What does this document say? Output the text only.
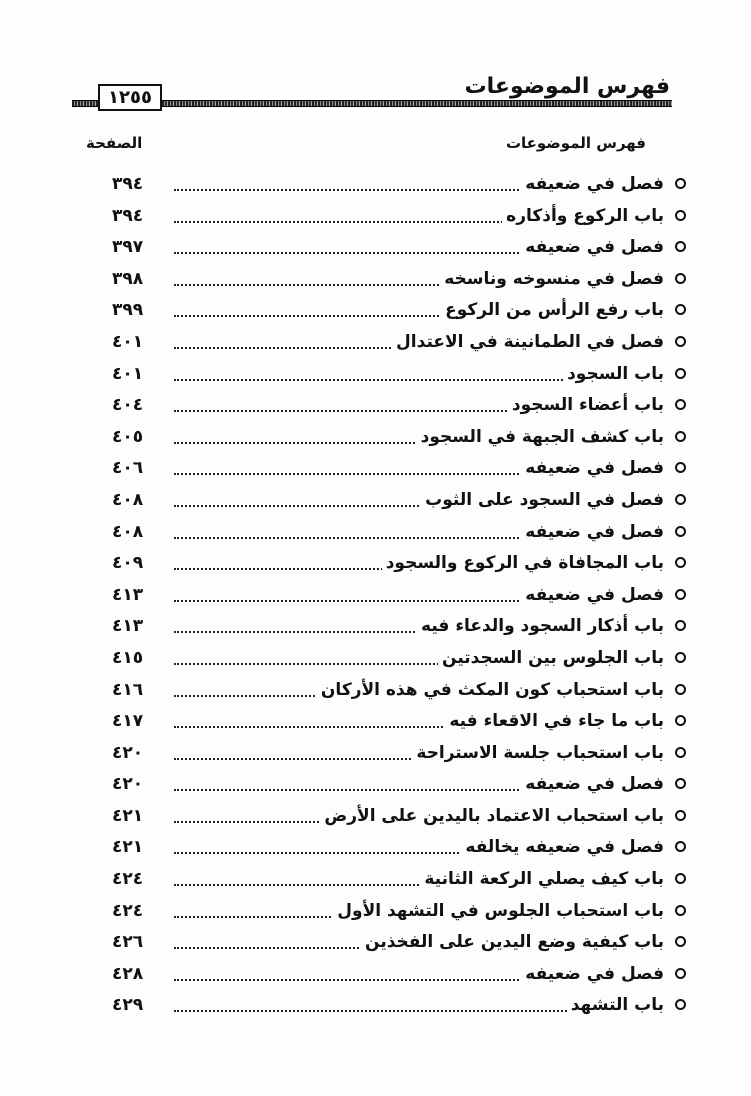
فهرس الموضوعات
١٢٥٥
فهرس الموضوعات
الصفحة
فصل في ضعيفه
٣٩٤
باب الركوع وأذكاره
٣٩٤
فصل في ضعيفه
٣٩٧
فصل في منسوخه وناسخه
٣٩٨
باب رفع الرأس من الركوع
٣٩٩
فصل في الطمانينة في الاعتدال
٤٠١
باب السجود
٤٠١
باب أعضاء السجود
٤٠٤
باب كشف الجبهة في السجود
٤٠٥
فصل في ضعيفه
٤٠٦
فصل في السجود على الثوب
٤٠٨
فصل في ضعيفه
٤٠٨
باب المجافاة في الركوع والسجود
٤٠٩
فصل في ضعيفه
٤١٣
باب أذكار السجود والدعاء فيه
٤١٣
باب الجلوس بين السجدتين
٤١٥
باب استحباب كون المكث في هذه الأركان
٤١٦
باب ما جاء في الاقعاء فيه
٤١٧
باب استحباب جلسة الاستراحة
٤٢٠
فصل في ضعيفه
٤٢٠
باب استحباب الاعتماد باليدين على الأرض
٤٢١
فصل في ضعيفه يخالفه
٤٢١
باب كيف يصلي الركعة الثانية
٤٢٤
باب استحباب الجلوس في التشهد الأول
٤٢٤
باب كيفية وضع اليدين على الفخذين
٤٢٦
فصل في ضعيفه
٤٢٨
باب التشهد
٤٢٩
